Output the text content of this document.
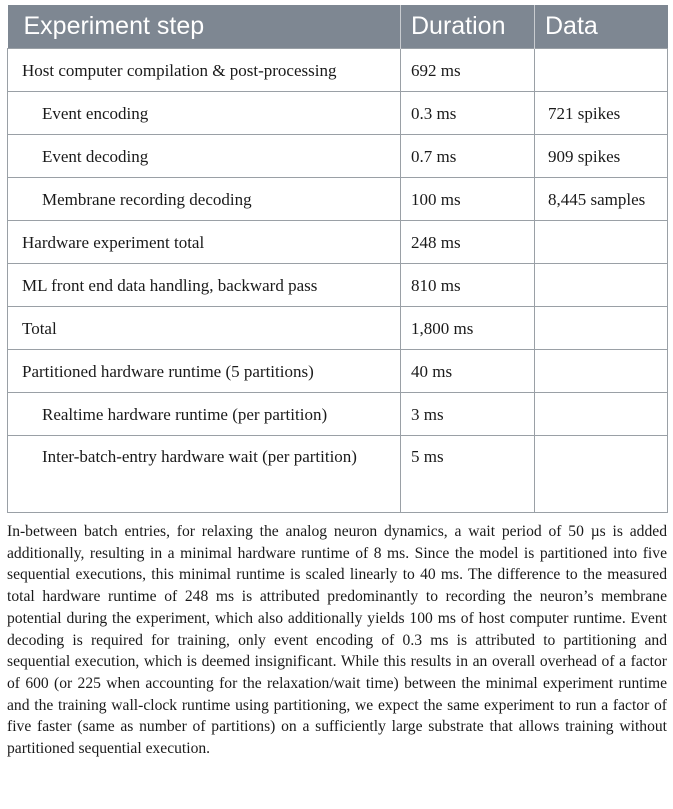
Experiment step	Duration	Data
Host computer compilation & post-processing	692 ms	
Event encoding	0.3 ms	721 spikes
Event decoding	0.7 ms	909 spikes
Membrane recording decoding	100 ms	8,445 samples
Hardware experiment total	248 ms	
ML front end data handling, backward pass	810 ms	
Total	1,800 ms	
Partitioned hardware runtime (5 partitions)	40 ms	
Realtime hardware runtime (per partition)	3 ms	
Inter-batch-entry hardware wait (per partition)	5 ms	

In-between batch entries, for relaxing the analog neuron dynamics, a wait period of 50 µs is added additionally, resulting in a minimal hardware runtime of 8 ms. Since the model is partitioned into five sequential executions, this minimal runtime is scaled linearly to 40 ms. The difference to the measured total hardware runtime of 248 ms is attributed predominantly to recording the neuron’s membrane potential during the experiment, which also additionally yields 100 ms of host computer runtime. Event decoding is required for training, only event encoding of 0.3 ms is attributed to partitioning and sequential execution, which is deemed insignificant. While this results in an overall overhead of a factor of 600 (or 225 when accounting for the relaxation/wait time) between the minimal experiment runtime and the training wall-clock runtime using partitioning, we expect the same experiment to run a factor of five faster (same as number of partitions) on a sufficiently large substrate that allows training without partitioned sequential execution.
